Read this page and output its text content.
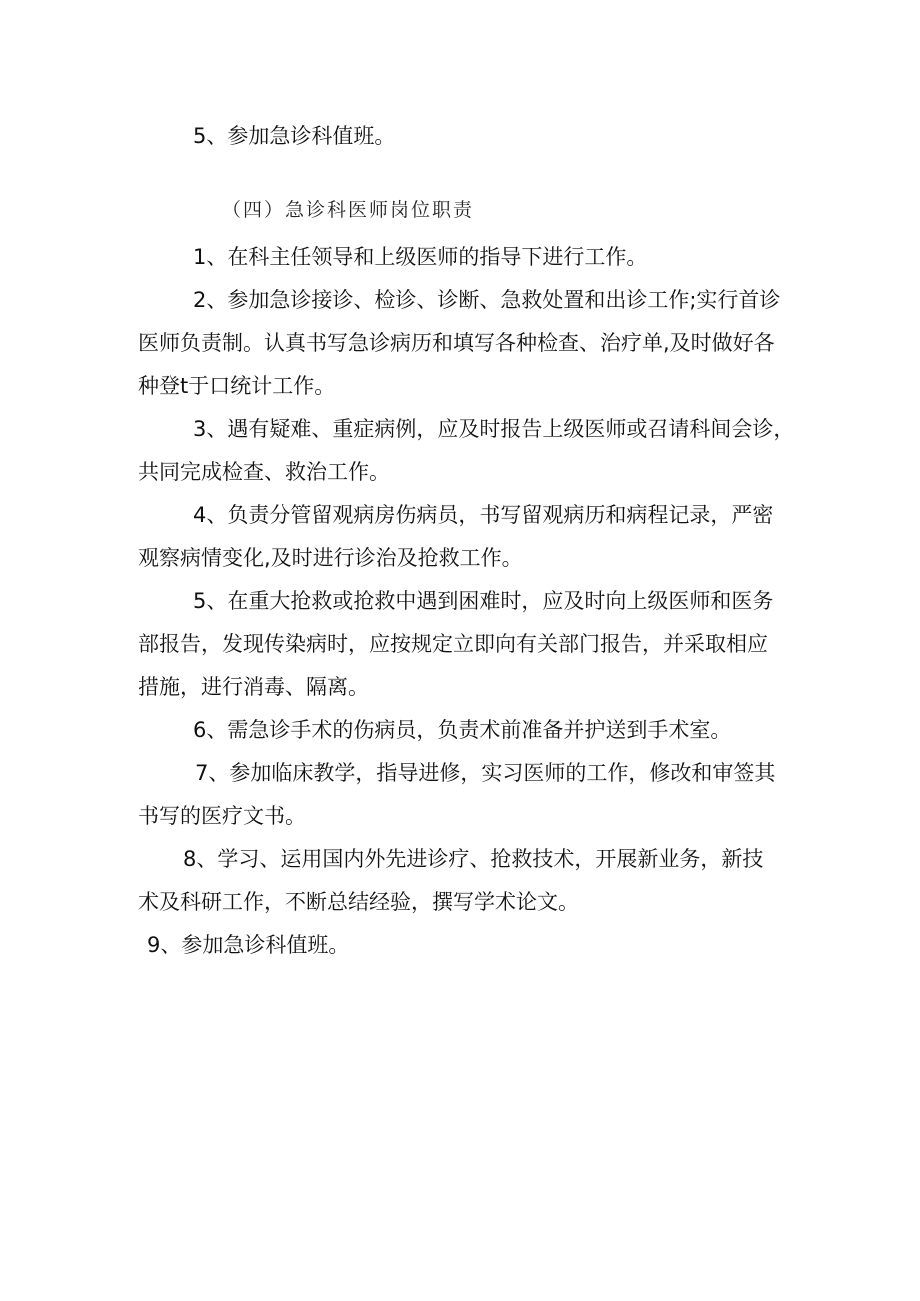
5、参加急诊科值班。
（四）急诊科医师岗位职责
1、在科主任领导和上级医师的指导下进行工作。
2、参加急诊接诊、检诊、诊断、急救处置和出诊工作;实行首诊
医师负责制。认真书写急诊病历和填写各种检查、治疗单,及时做好各
种登t于口统计工作。
3、遇有疑难、重症病例，应及时报告上级医师或召请科间会诊，
共同完成检查、救治工作。
4、负责分管留观病房伤病员，书写留观病历和病程记录，严密
观察病情变化,及时进行诊治及抢救工作。
5、在重大抢救或抢救中遇到困难时，应及时向上级医师和医务
部报告，发现传染病时，应按规定立即向有关部门报告，并采取相应
措施，进行消毒、隔离。
6、需急诊手术的伤病员，负责术前准备并护送到手术室。
7、参加临床教学，指导进修，实习医师的工作，修改和审签其
书写的医疗文书。
8、学习、运用国内外先进诊疗、抢救技术，开展新业务，新技
术及科研工作，不断总结经验，撰写学术论文。
9、参加急诊科值班。
